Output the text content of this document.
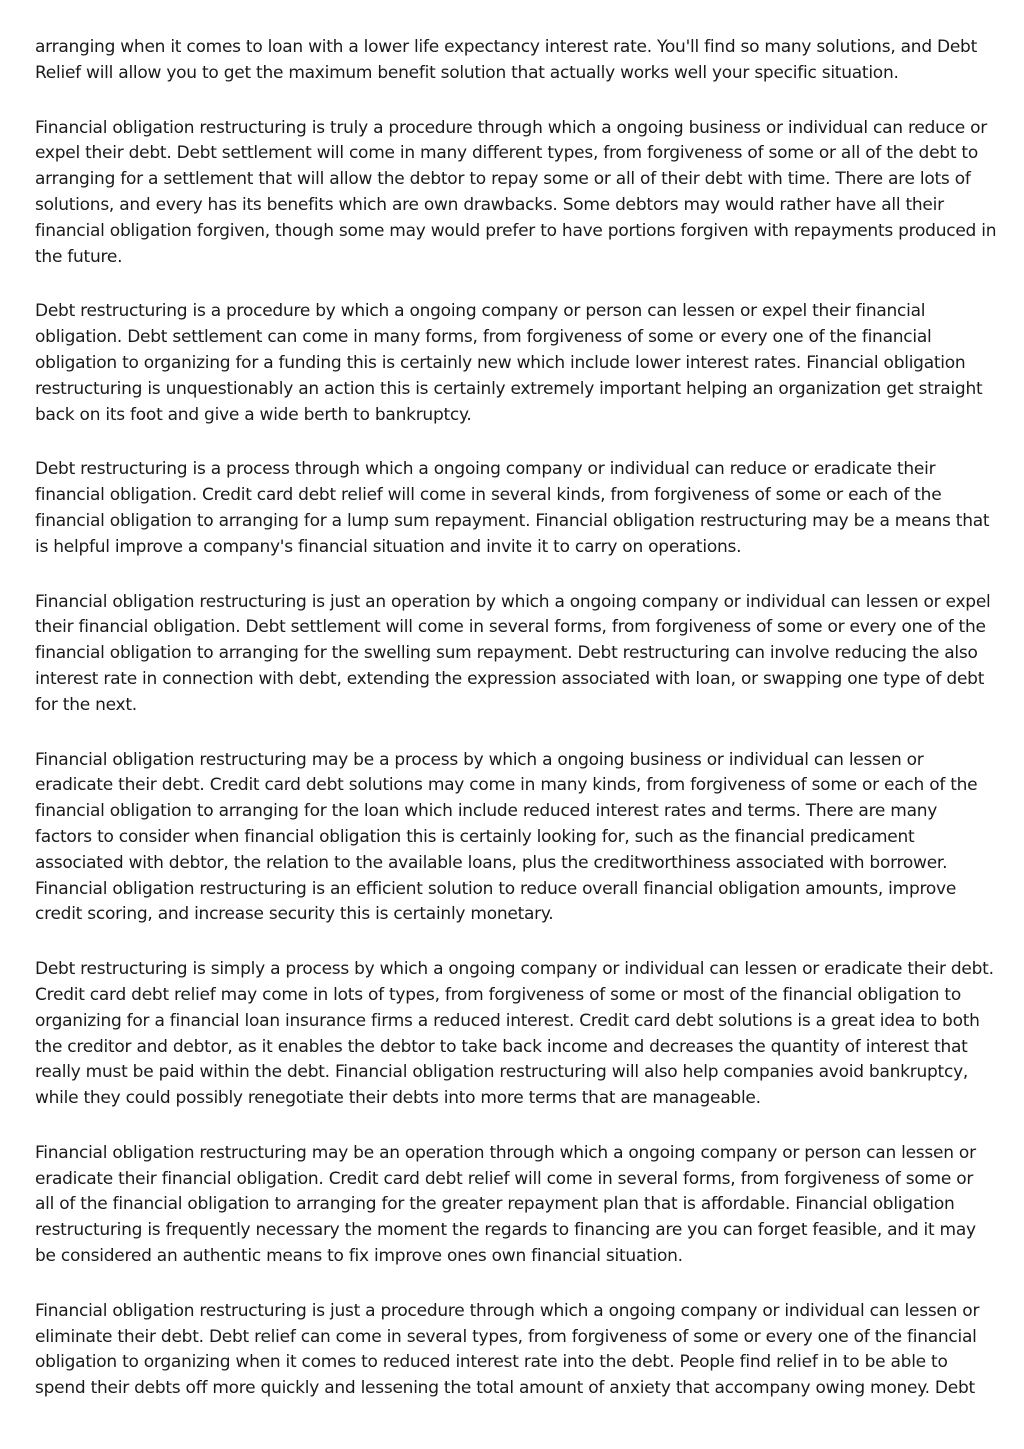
arranging when it comes to loan with a lower life expectancy interest rate. You'll find so many solutions, and Debt Relief will allow you to get the maximum benefit solution that actually works well your specific situation.

Financial obligation restructuring is truly a procedure through which a ongoing business or individual can reduce or expel their debt. Debt settlement will come in many different types, from forgiveness of some or all of the debt to arranging for a settlement that will allow the debtor to repay some or all of their debt with time. There are lots of solutions, and every has its benefits which are own drawbacks. Some debtors may would rather have all their financial obligation forgiven, though some may would prefer to have portions forgiven with repayments produced in the future.

Debt restructuring is a procedure by which a ongoing company or person can lessen or expel their financial obligation. Debt settlement can come in many forms, from forgiveness of some or every one of the financial obligation to organizing for a funding this is certainly new which include lower interest rates. Financial obligation restructuring is unquestionably an action this is certainly extremely important helping an organization get straight back on its foot and give a wide berth to bankruptcy.

Debt restructuring is a process through which a ongoing company or individual can reduce or eradicate their financial obligation. Credit card debt relief will come in several kinds, from forgiveness of some or each of the financial obligation to arranging for a lump sum repayment. Financial obligation restructuring may be a means that is helpful improve a company's financial situation and invite it to carry on operations.

Financial obligation restructuring is just an operation by which a ongoing company or individual can lessen or expel their financial obligation. Debt settlement will come in several forms, from forgiveness of some or every one of the financial obligation to arranging for the swelling sum repayment. Debt restructuring can involve reducing the also interest rate in connection with debt, extending the expression associated with loan, or swapping one type of debt for the next.

Financial obligation restructuring may be a process by which a ongoing business or individual can lessen or eradicate their debt. Credit card debt solutions may come in many kinds, from forgiveness of some or each of the financial obligation to arranging for the loan which include reduced interest rates and terms. There are many factors to consider when financial obligation this is certainly looking for, such as the financial predicament associated with debtor, the relation to the available loans, plus the creditworthiness associated with borrower. Financial obligation restructuring is an efficient solution to reduce overall financial obligation amounts, improve credit scoring, and increase security this is certainly monetary.

Debt restructuring is simply a process by which a ongoing company or individual can lessen or eradicate their debt. Credit card debt relief may come in lots of types, from forgiveness of some or most of the financial obligation to organizing for a financial loan insurance firms a reduced interest. Credit card debt solutions is a great idea to both the creditor and debtor, as it enables the debtor to take back income and decreases the quantity of interest that really must be paid within the debt. Financial obligation restructuring will also help companies avoid bankruptcy, while they could possibly renegotiate their debts into more terms that are manageable.

Financial obligation restructuring may be an operation through which a ongoing company or person can lessen or eradicate their financial obligation. Credit card debt relief will come in several forms, from forgiveness of some or all of the financial obligation to arranging for the greater repayment plan that is affordable. Financial obligation restructuring is frequently necessary the moment the regards to financing are you can forget feasible, and it may be considered an authentic means to fix improve ones own financial situation.

Financial obligation restructuring is just a procedure through which a ongoing company or individual can lessen or eliminate their debt. Debt relief can come in several types, from forgiveness of some or every one of the financial obligation to organizing when it comes to reduced interest rate into the debt. People find relief in to be able to spend their debts off more quickly and lessening the total amount of anxiety that accompany owing money. Debt
